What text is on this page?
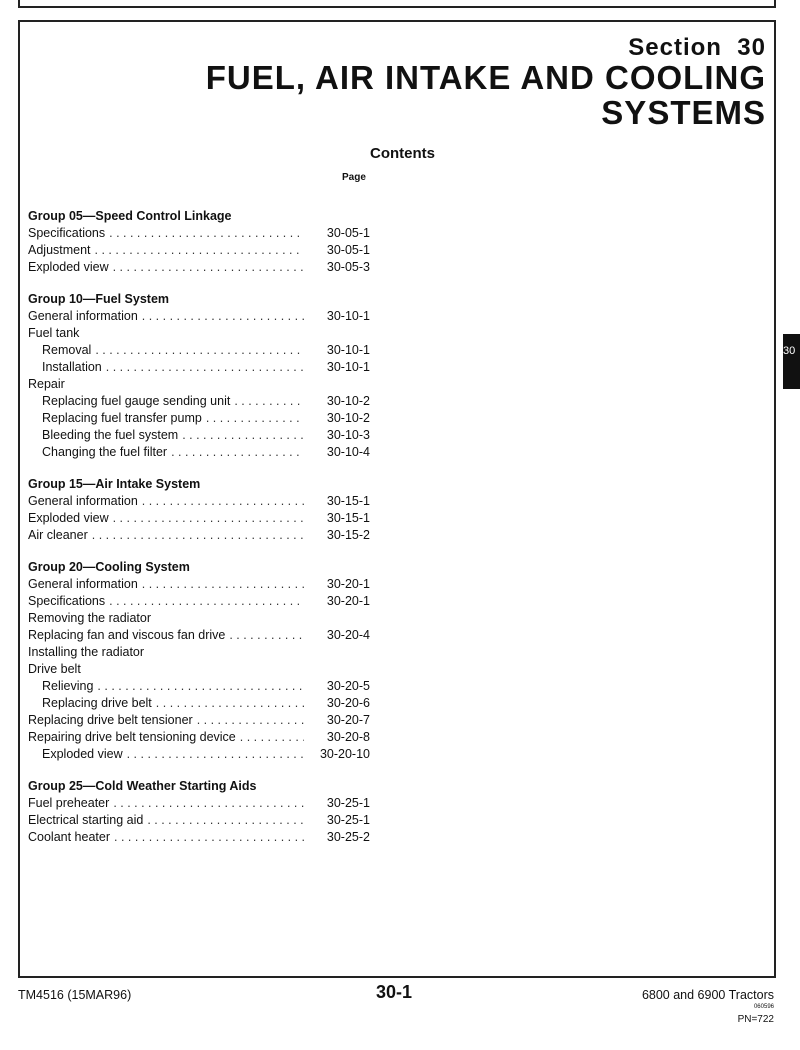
Section  30
FUEL, AIR INTAKE AND COOLING SYSTEMS
Contents
Page
Group 05—Speed Control Linkage
Specifications . . .	30-05-1
Adjustment . . .	30-05-1
Exploded view . . .	30-05-3
Group 10—Fuel System
General information . . .	30-10-1
Fuel tank
Removal . . .	30-10-1
Installation . . .	30-10-1
Repair
Replacing fuel gauge sending unit . . .	30-10-2
Replacing fuel transfer pump . . .	30-10-2
Bleeding the fuel system . . .	30-10-3
Changing the fuel filter . . .	30-10-4
Group 15—Air Intake System
General information . . .	30-15-1
Exploded view . . .	30-15-1
Air cleaner . . .	30-15-2
Group 20—Cooling System
General information . . .	30-20-1
Specifications . . .	30-20-1
Removing the radiator
Replacing fan and viscous fan drive . . .	30-20-4
Installing the radiator
Drive belt
Relieving . . .	30-20-5
Replacing drive belt . . .	30-20-6
Replacing drive belt tensioner . . .	30-20-7
Repairing drive belt tensioning device . . .	30-20-8
Exploded view . . .	30-20-10
Group 25—Cold Weather Starting Aids
Fuel preheater . . .	30-25-1
Electrical starting aid . . .	30-25-1
Coolant heater . . .	30-25-2
30
TM4516 (15MAR96)	30-1	6800 and 6900 Tractors
060596
PN=722
